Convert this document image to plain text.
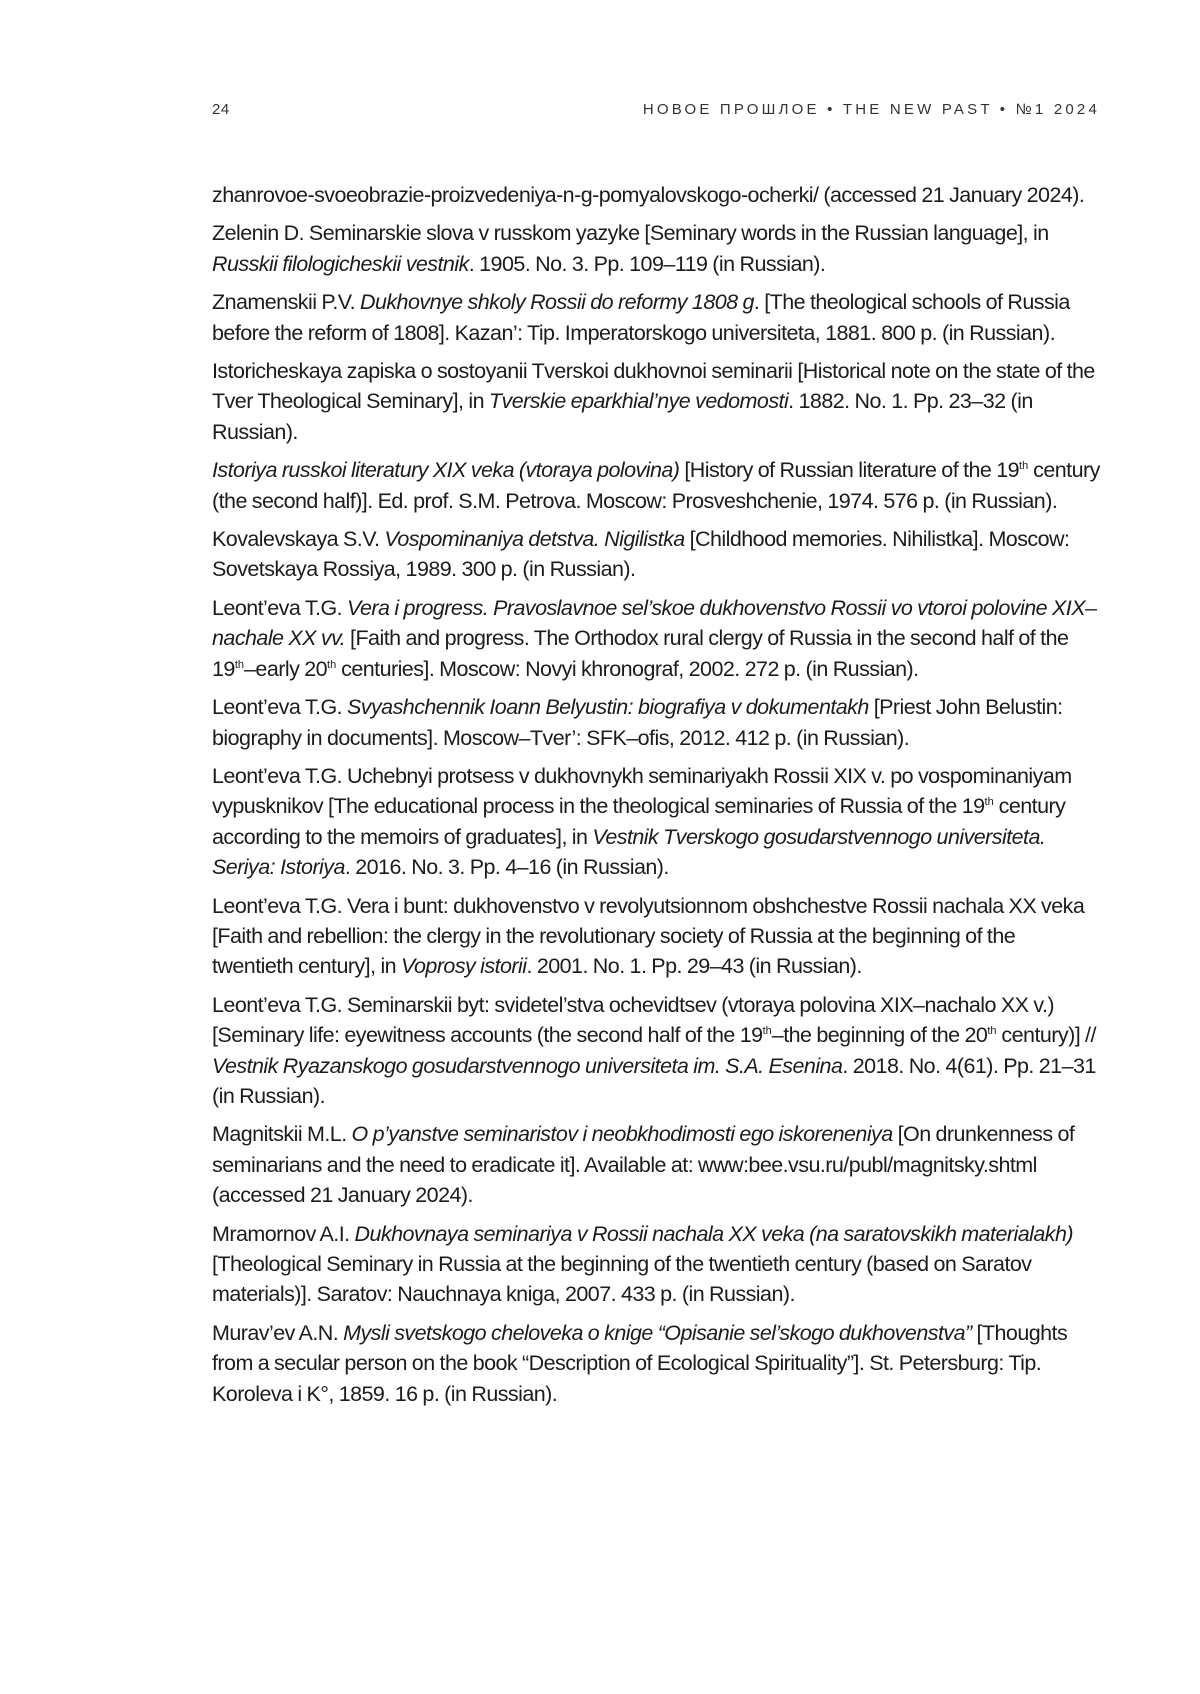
24	НОВОЕ ПРОШЛОЕ • THE NEW PAST • №1 2024

zhanrovoe-svoeobrazie-proizvedeniya-n-g-pomyalovskogo-ocherki/ (accessed 21 January 2024).

Zelenin D. Seminarskie slova v russkom yazyke [Seminary words in the Russian language], in Russkii filologicheskii vestnik. 1905. No. 3. Pp. 109–119 (in Russian).

Znamenskii P.V. Dukhovnye shkoly Rossii do reformy 1808 g. [The theological schools of Russia before the reform of 1808]. Kazan’: Tip. Imperatorskogo universiteta, 1881. 800 p. (in Russian).

Istoricheskaya zapiska o sostoyanii Tverskoi dukhovnoi seminarii [Historical note on the state of the Tver Theological Seminary], in Tverskie eparkhial’nye vedomosti. 1882. No. 1. Pp. 23–32 (in Russian).

Istoriya russkoi literatury XIX veka (vtoraya polovina) [History of Russian literature of the 19th century (the second half)]. Ed. prof. S.M. Petrova. Moscow: Prosveshchenie, 1974. 576 p. (in Russian).

Kovalevskaya S.V. Vospominaniya detstva. Nigilistka [Childhood memories. Nihilistka]. Moscow: Sovetskaya Rossiya, 1989. 300 p. (in Russian).

Leont’eva T.G. Vera i progress. Pravoslavnoe sel’skoe dukhovenstvo Rossii vo vtoroi polovine XIX–nachale XX vv. [Faith and progress. The Orthodox rural clergy of Russia in the second half of the 19th–early 20th centuries]. Moscow: Novyi khronograf, 2002. 272 p. (in Russian).

Leont’eva T.G. Svyashchennik Ioann Belyustin: biografiya v dokumentakh [Priest John Belustin: biography in documents]. Moscow–Tver’: SFK–ofis, 2012. 412 p. (in Russian).

Leont’eva T.G. Uchebnyi protsess v dukhovnykh seminariyakh Rossii XIX v. po vospominaniyam vypusknikov [The educational process in the theological seminaries of Russia of the 19th century according to the memoirs of graduates], in Vestnik Tverskogo gosudarstvennogo universiteta. Seriya: Istoriya. 2016. No. 3. Pp. 4–16 (in Russian).

Leont’eva T.G. Vera i bunt: dukhovenstvo v revolyutsionnom obshchestve Rossii nachala XX veka [Faith and rebellion: the clergy in the revolutionary society of Russia at the beginning of the twentieth century], in Voprosy istorii. 2001. No. 1. Pp. 29–43 (in Russian).

Leont’eva T.G. Seminarskii byt: svidetel’stva ochevidtsev (vtoraya polovina XIX–nachalo XX v.) [Seminary life: eyewitness accounts (the second half of the 19th–the beginning of the 20th century)] // Vestnik Ryazanskogo gosudarstvennogo universiteta im. S.A. Esenina. 2018. No. 4(61). Pp. 21–31 (in Russian).

Magnitskii M.L. O p’yanstve seminaristov i neobkhodimosti ego iskoreneniya [On drunkenness of seminarians and the need to eradicate it]. Available at: www:bee.vsu.ru/publ/magnitsky.shtml (accessed 21 January 2024).

Mramornov A.I. Dukhovnaya seminariya v Rossii nachala XX veka (na saratovskikh materialakh) [Theological Seminary in Russia at the beginning of the twentieth century (based on Saratov materials)]. Saratov: Nauchnaya kniga, 2007. 433 p. (in Russian).

Murav’ev A.N. Mysli svetskogo cheloveka o knige “Opisanie sel’skogo dukhovenstva” [Thoughts from a secular person on the book “Description of Ecological Spirituality”]. St. Petersburg: Tip. Koroleva i K°, 1859. 16 p. (in Russian).
